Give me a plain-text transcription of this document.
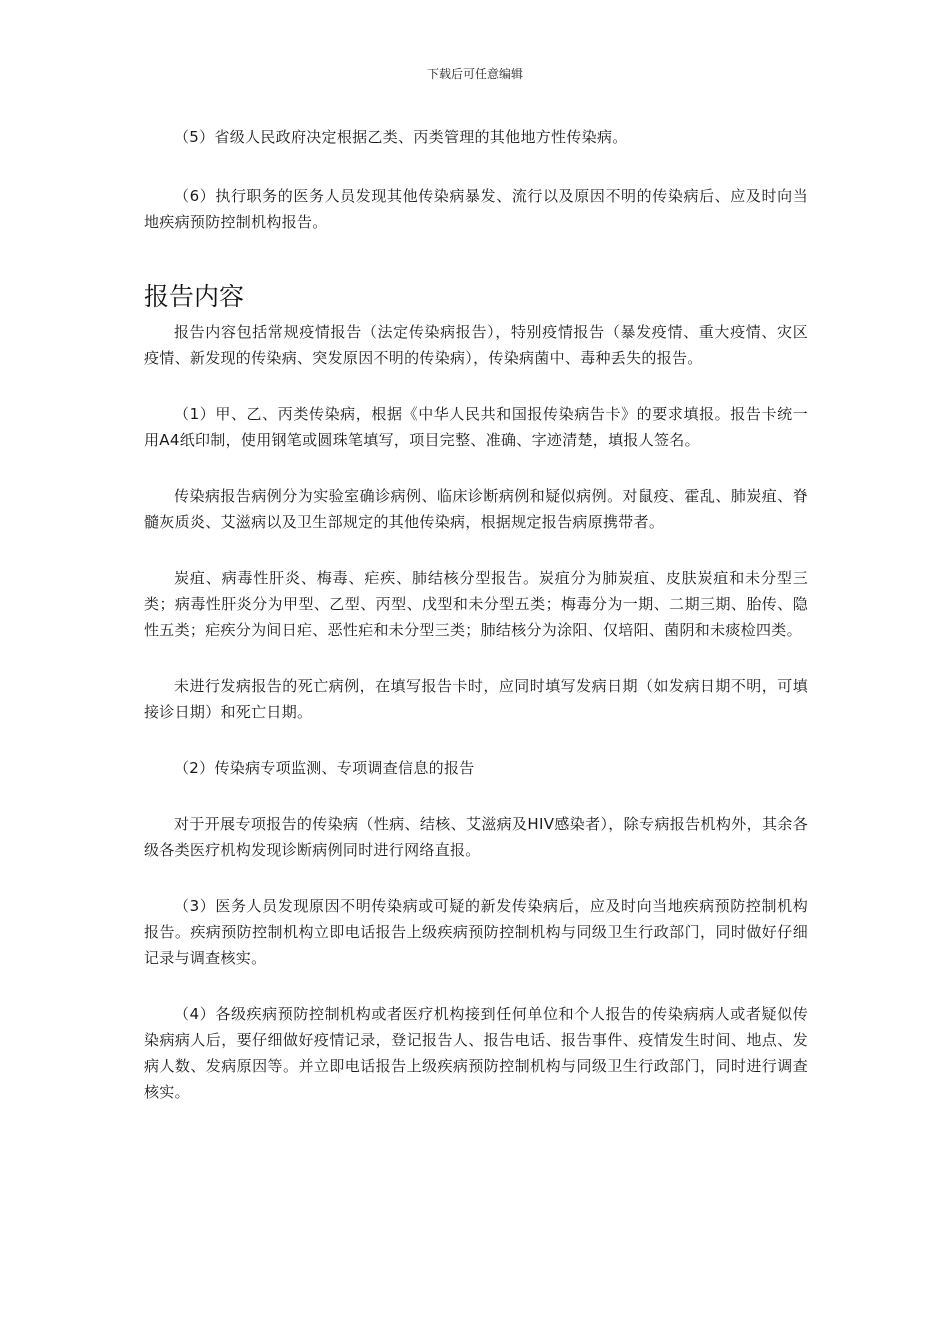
下载后可任意编辑

（5）省级人民政府决定根据乙类、丙类管理的其他地方性传染病。

（6）执行职务的医务人员发现其他传染病暴发、流行以及原因不明的传染病后、应及时向当地疾病预防控制机构报告。

报告内容

报告内容包括常规疫情报告（法定传染病报告），特别疫情报告（暴发疫情、重大疫情、灾区疫情、新发现的传染病、突发原因不明的传染病），传染病菌中、毒种丢失的报告。

（1）甲、乙、丙类传染病，根据《中华人民共和国报传染病告卡》的要求填报。报告卡统一用A4纸印制，使用钢笔或圆珠笔填写，项目完整、准确、字迹清楚，填报人签名。

传染病报告病例分为实验室确诊病例、临床诊断病例和疑似病例。对鼠疫、霍乱、肺炭疽、脊髓灰质炎、艾滋病以及卫生部规定的其他传染病，根据规定报告病原携带者。

炭疽、病毒性肝炎、梅毒、疟疾、肺结核分型报告。炭疽分为肺炭疽、皮肤炭疽和未分型三类；病毒性肝炎分为甲型、乙型、丙型、戊型和未分型五类；梅毒分为一期、二期三期、胎传、隐性五类；疟疾分为间日疟、恶性疟和未分型三类；肺结核分为涂阳、仅培阳、菌阴和未痰检四类。

未进行发病报告的死亡病例，在填写报告卡时，应同时填写发病日期（如发病日期不明，可填接诊日期）和死亡日期。

（2）传染病专项监测、专项调查信息的报告

对于开展专项报告的传染病（性病、结核、艾滋病及HIV感染者），除专病报告机构外，其余各级各类医疗机构发现诊断病例同时进行网络直报。

（3）医务人员发现原因不明传染病或可疑的新发传染病后，应及时向当地疾病预防控制机构报告。疾病预防控制机构立即电话报告上级疾病预防控制机构与同级卫生行政部门，同时做好仔细记录与调查核实。

（4）各级疾病预防控制机构或者医疗机构接到任何单位和个人报告的传染病病人或者疑似传染病病人后，要仔细做好疫情记录，登记报告人、报告电话、报告事件、疫情发生时间、地点、发病人数、发病原因等。并立即电话报告上级疾病预防控制机构与同级卫生行政部门，同时进行调查核实。
